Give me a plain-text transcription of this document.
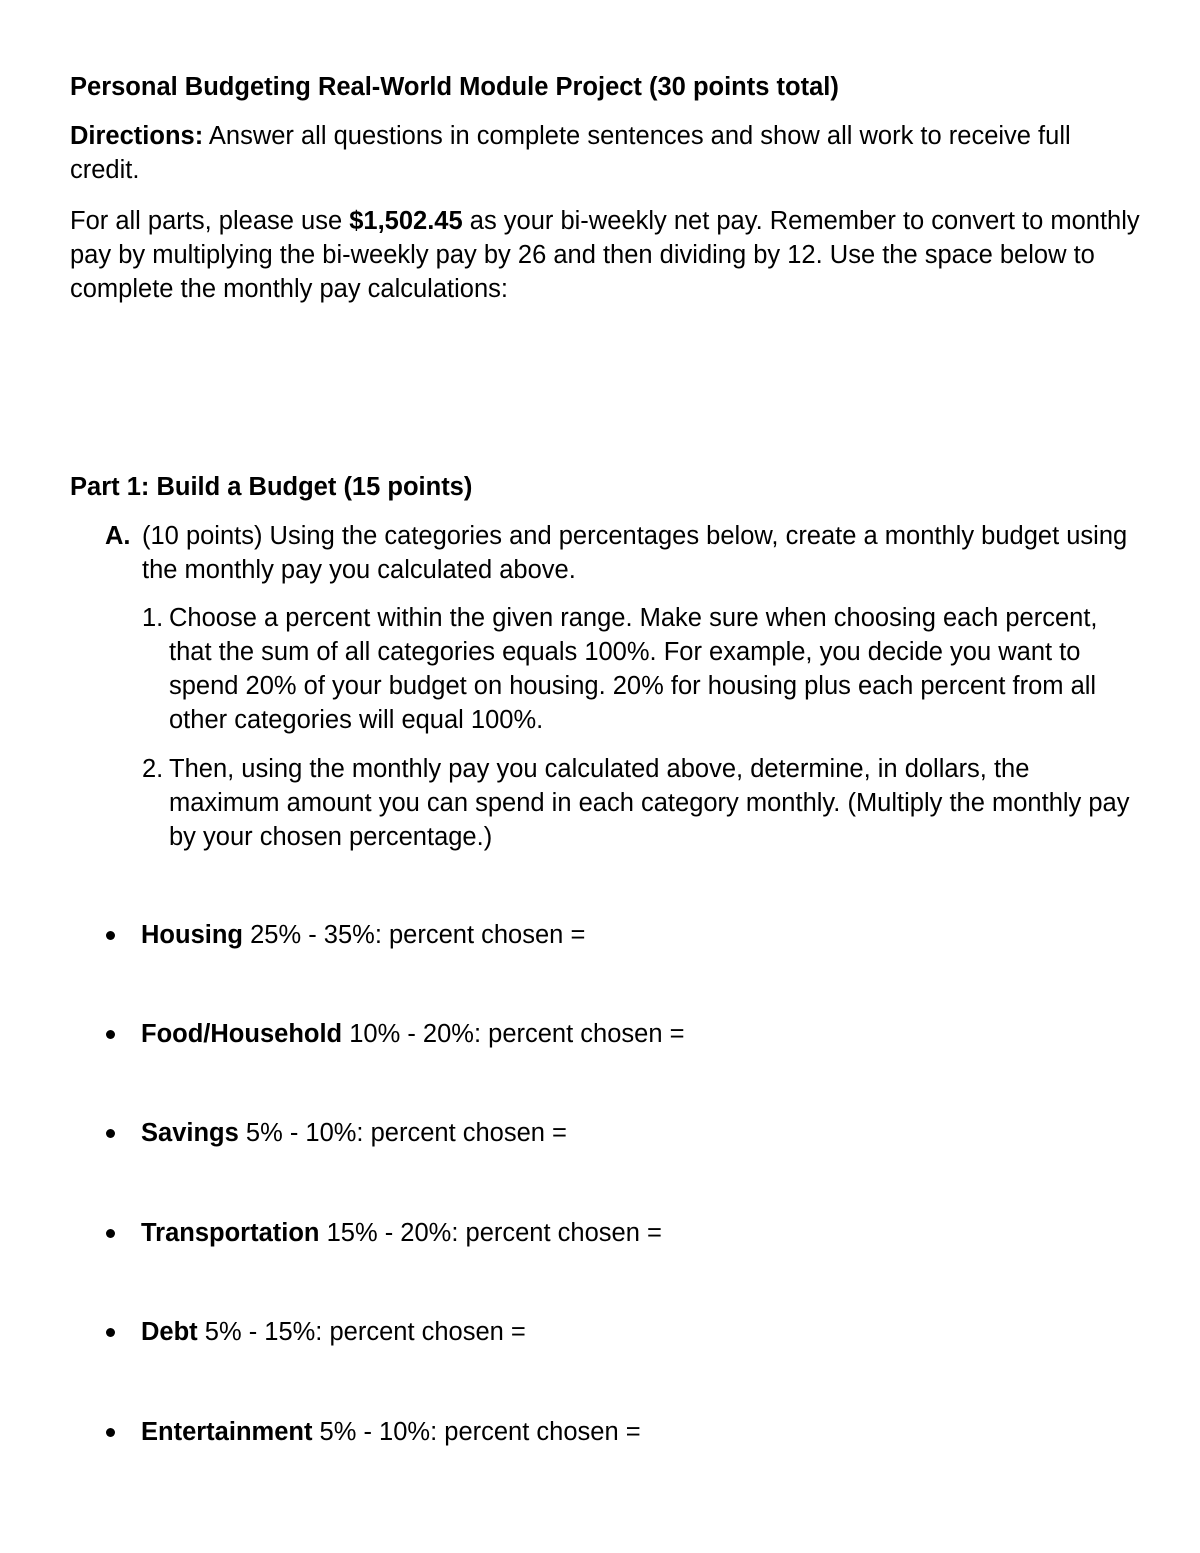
Personal Budgeting Real-World Module Project (30 points total)

Directions: Answer all questions in complete sentences and show all work to receive full credit.

For all parts, please use $1,502.45 as your bi-weekly net pay. Remember to convert to monthly pay by multiplying the bi-weekly pay by 26 and then dividing by 12. Use the space below to complete the monthly pay calculations:

Part 1: Build a Budget (15 points)

A. (10 points) Using the categories and percentages below, create a monthly budget using the monthly pay you calculated above.

1. Choose a percent within the given range. Make sure when choosing each percent, that the sum of all categories equals 100%. For example, you decide you want to spend 20% of your budget on housing. 20% for housing plus each percent from all other categories will equal 100%.

2. Then, using the monthly pay you calculated above, determine, in dollars, the maximum amount you can spend in each category monthly. (Multiply the monthly pay by your chosen percentage.)

Housing 25% - 35%: percent chosen =
Food/Household 10% - 20%: percent chosen =
Savings 5% - 10%: percent chosen =
Transportation 15% - 20%: percent chosen =
Debt 5% - 15%: percent chosen =
Entertainment 5% - 10%: percent chosen =
